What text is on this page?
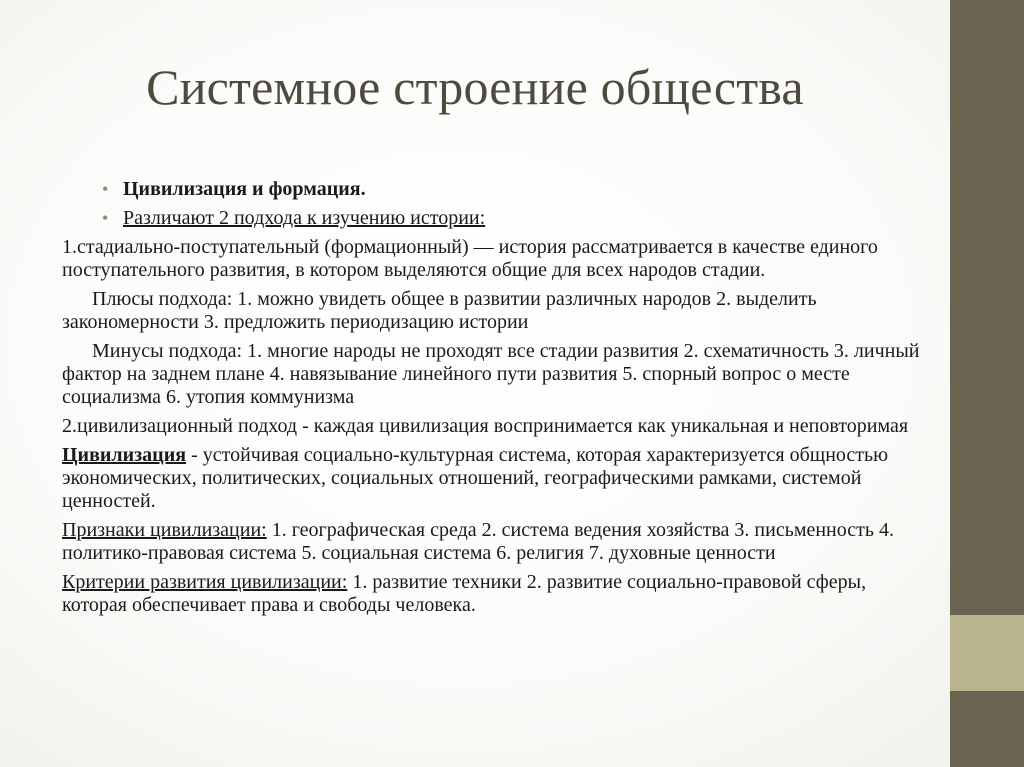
Системное строение общества
• Цивилизация и формация.
• Различают 2 подхода к изучению истории:

1.стадиально-поступательный (формационный) — история рассматривается в качестве единого поступательного развития, в котором выделяются общие для всех народов стадии.

Плюсы подхода: 1. можно увидеть общее в развитии различных народов 2. выделить закономерности 3. предложить периодизацию истории

Минусы подхода: 1. многие народы не проходят все стадии развития 2. схематичность 3. личный фактор на заднем плане 4. навязывание линейного пути развития 5. спорный вопрос о месте социализма 6. утопия коммунизма

2.цивилизационный подход - каждая цивилизация воспринимается как уникальная и неповторимая

Цивилизация - устойчивая социально-культурная система, которая характеризуется общностью экономических, политических, социальных отношений, географическими рамками, системой ценностей.

Признаки цивилизации: 1. географическая среда 2. система ведения хозяйства 3. письменность 4. политико-правовая система 5. социальная система 6. религия 7. духовные ценности

Критерии развития цивилизации: 1. развитие техники 2. развитие социально-правовой сферы, которая обеспечивает права и свободы человека.
